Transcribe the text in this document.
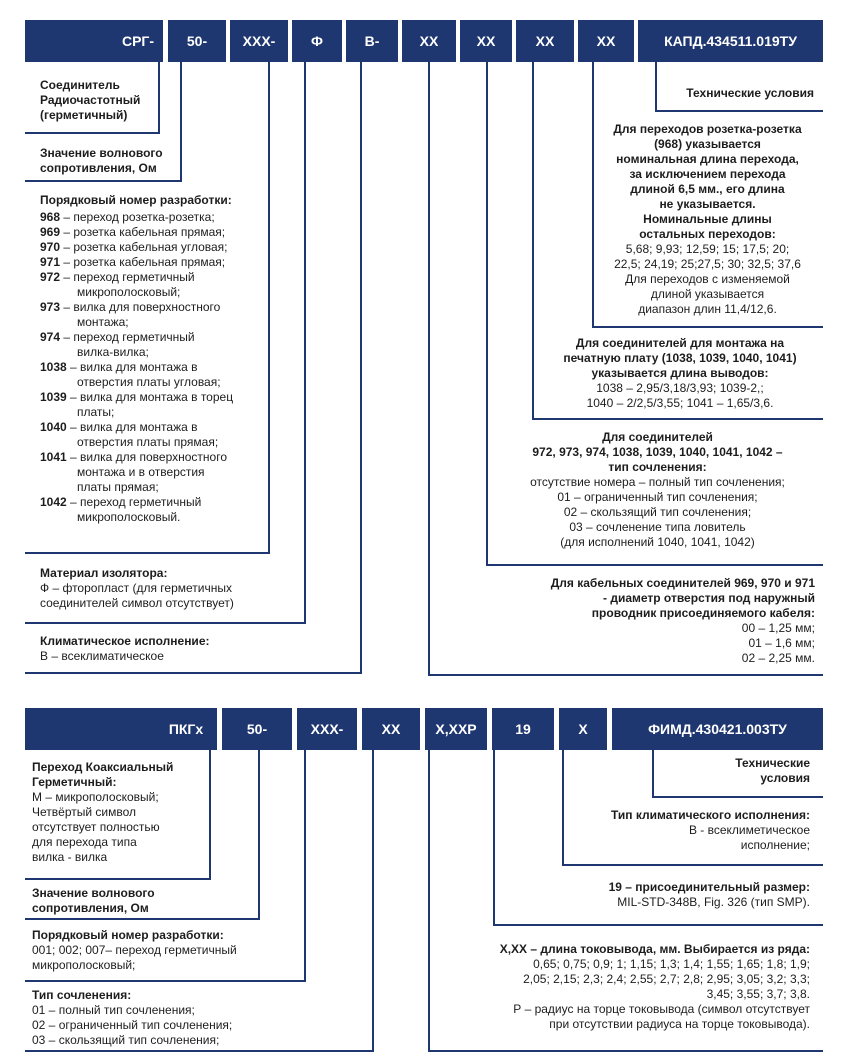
СРГ-	50-	XXX-	Ф	В-	XX	XX	XX	XX	КАПД.434511.019ТУ
Соединитель
Радиочастотный
(герметичный)
Значение волнового
сопротивления, Ом
Порядковый номер разработки:
968 – переход розетка-розетка;
969 – розетка кабельная прямая;
970 – розетка кабельная угловая;
971 – розетка кабельная прямая;
972 – переход герметичный
микрополосковый;
973 – вилка для поверхностного
монтажа;
974 – переход герметичный
вилка-вилка;
1038 – вилка для монтажа в
отверстия платы угловая;
1039 – вилка для монтажа в торец
платы;
1040 – вилка для монтажа в
отверстия платы прямая;
1041 – вилка для поверхностного
монтажа и в отверстия
платы прямая;
1042 – переход герметичный
микрополосковый.
Материал изолятора:
Ф – фторопласт (для герметичных
соединителей символ отсутствует)
Климатическое исполнение:
В – всеклиматическое
Технические условия
Для переходов розетка-розетка
(968) указывается
номинальная длина перехода,
за исключением перехода
длиной 6,5 мм., его длина
не указывается.
Номинальные длины
остальных переходов:
5,68; 9,93; 12,59; 15; 17,5; 20;
22,5; 24,19; 25;27,5; 30; 32,5; 37,6
Для переходов с изменяемой
длиной указывается
диапазон длин 11,4/12,6.
Для соединителей для монтажа на
печатную плату (1038, 1039, 1040, 1041)
указывается длина выводов:
1038 – 2,95/3,18/3,93; 1039-2,;
1040 – 2/2,5/3,55; 1041 – 1,65/3,6.
Для соединителей
972, 973, 974, 1038, 1039, 1040, 1041, 1042 –
тип сочленения:
отсутствие номера – полный тип сочленения;
01 – ограниченный тип сочленения;
02 – скользящий тип сочленения;
03 – сочленение типа ловитель
(для исполнений 1040, 1041, 1042)
Для кабельных соединителей 969, 970 и 971
- диаметр отверстия под наружный
проводник присоединяемого кабеля:
00 – 1,25 мм;
01 – 1,6 мм;
02 – 2,25 мм.
ПКГх	50-	XXX-	XX	X,XXP	19	X	ФИМД.430421.003ТУ
Переход Коаксиальный
Герметичный:
М – микрополосковый;
Четвёртый символ
отсутствует полностью
для перехода типа
вилка - вилка
Значение волнового
сопротивления, Ом
Порядковый номер разработки:
001; 002; 007– переход герметичный
микрополосковый;
Тип сочленения:
01 – полный тип сочленения;
02 – ограниченный тип сочленения;
03 – скользящий тип сочленения;
Технические
условия
Тип климатического исполнения:
В - всеклиметическое
исполнение;
19 – присоединительный размер:
MIL-STD-348B, Fig. 326 (тип SMP).
X,XX – длина токовывода, мм. Выбирается из ряда:
0,65; 0,75; 0,9; 1; 1,15; 1,3; 1,4; 1,55; 1,65; 1,8; 1,9;
2,05; 2,15; 2,3; 2,4; 2,55; 2,7; 2,8; 2,95; 3,05; 3,2; 3,3;
3,45; 3,55; 3,7; 3,8.
Р – радиус на торце токовывода (символ отсутствует
при отсутствии радиуса на торце токовывода).
